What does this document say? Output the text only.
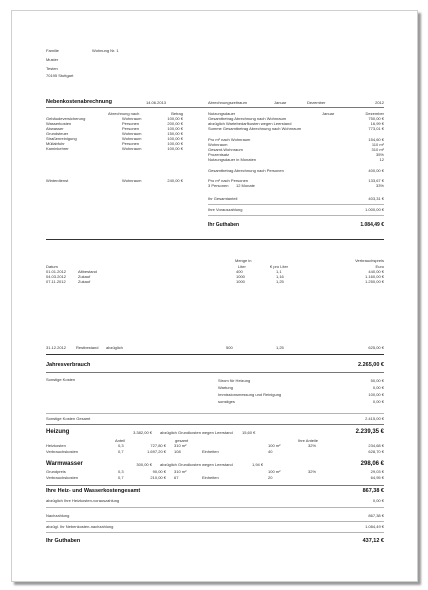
Familie	Wohnung Nr. 1
Muster
Testen
70195 Stuttgart
Nebenkostenabrechnung	14.06.2013	Abrechnungszeitraum	Januar	Dezember	2012
Abrechnung nach	Betrag
Gebäudeversicherung	Wohnraum	100,00 €
Wasserkosten	Personen	200,00 €
Abwasser	Personen	100,00 €
Grundsteuer	Wohnraum	150,00 €
Straßenreinigung	Wohnraum	100,00 €
Müllabfuhr	Personen	100,00 €
Kaminkehrer	Wohnraum	100,00 €
Winterdienst	Wohnraum	240,00 €
Nutzungsdauer	Januar	Dezember
Gesamtbetrag Abrechnung nach Wohnraum	750,00 €
abzüglich Wartebedarfkosten wegen Leerstand	16,99 €
Summe Gesamtbetrag Abrechnung nach Wohnraum	773,01 €
Pro m² nach Wohnraum	154,60 €
Wohnraum	110 m²
Gesamt-Wohnraum	310 m²
Prozentsatz	35%
Nutzungsdauer in Monaten	12
Gesamtbetrag Abrechnung nach Personen	400,00 €
Pro m² nach Personen	133,67 €
3 Personen 12 Monate	33%
Ihr Gesamtanteil	403,31 €
Ihre Vorauszahlung	1.000,00 €
Ihr Guthaben	1.084,49 €
Menge in	Verbrauchspreis
Datum	Liter	€ pro Liter	Euro
01.01.2012	Altbestand	400	1,1	440,00 €
04.03.2012	Zukauf	1000	1,16	1.160,00 €
07.11.2012	Zukauf	1000	1,25	1.250,00 €
31.12.2012 Restbestand abzüglich	500	1,25	625,00 €
Jahresverbrauch	2.265,00 €
Sonstige Kosten	Strom für Heizung	50,00 €
Wartung	0,00 €
Immissionsmessung und Reinigung	100,00 €
sonstiges	0,00 €
Sonstige Kosten Gesamt	2.415,00 €
Heizung	3.382,00 € abzüglich Grundkosten wegen Leerstand 15,60 €	2.239,35 €
Anteil	gesamt	Ihre Anteile
Heizkosten	0,3	727,80 € 310 m²	100 m²	32%	234,68 €
Verbrauchskosten	0,7	1.697,20 € 108	Einheiten	40	628,70 €
Warmwasser	300,00 € abzüglich Grundkosten wegen Leerstand	1,94 €	298,06 €
Grundpreis	0,3	90,00 € 310 m²	100 m²	32%	29,03 €
Verbrauchskosten	0,7	210,00 € 67	Einheiten	20	64,95 €
Ihre Heiz- und Wasserkostengesamt	867,38 €
abzüglich Ihre Heizkosten-vorauszahlung	0,00 €
Nachzahlung	867,38 €
abzügl. Ihr Nebenkosten-nachzahlung	1.084,49 €
Ihr Guthaben	437,12 €
